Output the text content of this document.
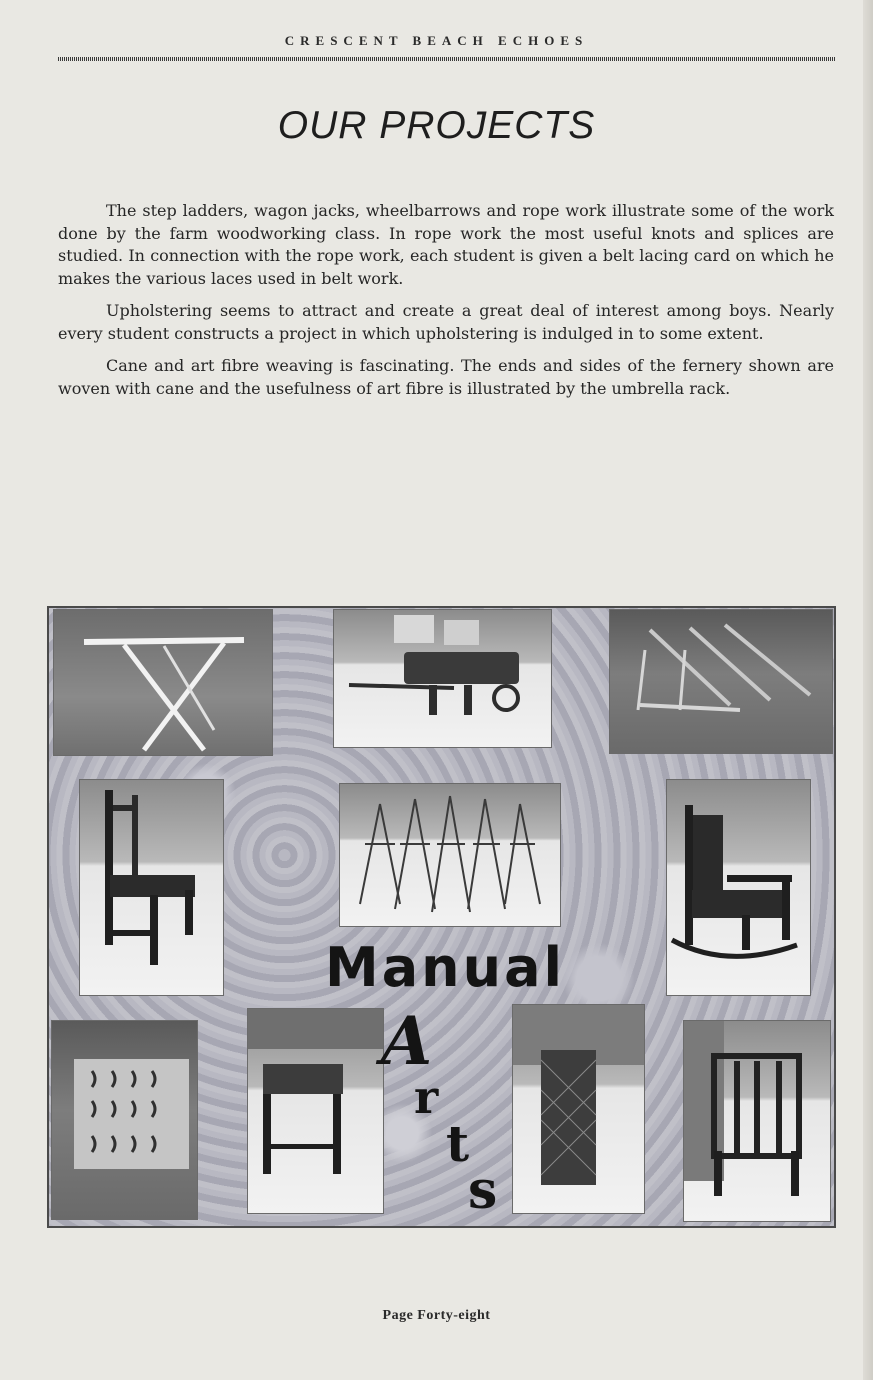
CRESCENT BEACH ECHOES
OUR PROJECTS

The step ladders, wagon jacks, wheelbarrows and rope work illustrate some of the work done by the farm woodworking class. In rope work the most useful knots and splices are studied. In connection with the rope work, each student is given a belt lacing card on which he makes the various laces used in belt work.

Upholstering seems to attract and create a great deal of interest among boys. Nearly every student constructs a project in which upholstering is indulged in to some extent.

Cane and art fibre weaving is fascinating. The ends and sides of the fernery shown are woven with cane and the usefulness of art fibre is illustrated by the umbrella rack.

Manual
A
r
t
s
Page Forty-eight
